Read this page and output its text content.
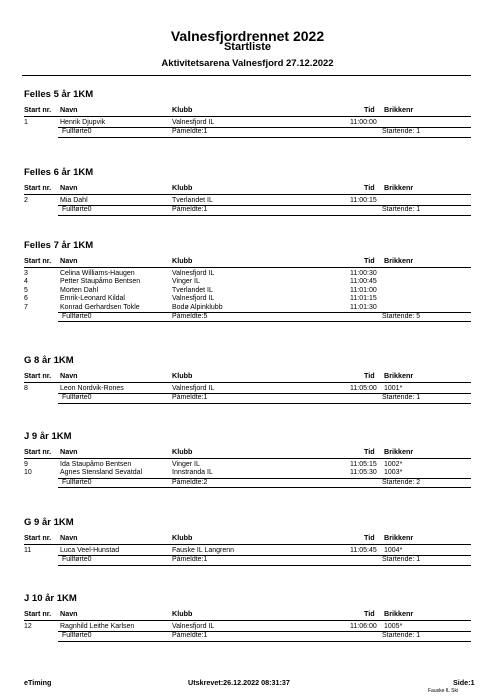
Valnesfjordrennet 2022
Startliste
Aktivitetsarena Valnesfjord 27.12.2022
Felles 5 år 1KM
Start nr. Navn	Klubb	Tid Brikkenr
1	Henrik Djupvik	Valnesfjord IL	11:00:00
Fullførte0	Påmeldte:1	Startende: 1
Felles 6 år 1KM
Start nr. Navn	Klubb	Tid Brikkenr
2	Mia Dahl	Tverlandet IL	11:00:15
Fullførte0	Påmeldte:1	Startende: 1
Felles 7 år 1KM
Start nr. Navn	Klubb	Tid Brikkenr
3	Celina Williams-Haugen	Valnesfjord IL	11:00:30
4	Petter Staupåmo Bentsen	Vinger IL	11:00:45
5	Morten Dahl	Tverlandet IL	11:01:00
6	Emrik-Leonard Kildal	Valnesfjord IL	11:01:15
7	Konrad Gerhardsen Tokle	Bodø Alpinklubb	11:01:30
Fullførte0	Påmeldte:5	Startende: 5
G 8 år 1KM
Start nr. Navn	Klubb	Tid Brikkenr
8	Leon Nordvik-Rones	Valnesfjord IL	11:05:00 1001*
Fullførte0	Påmeldte:1	Startende: 1
J 9 år 1KM
Start nr. Navn	Klubb	Tid Brikkenr
9	Ida Staupåmo Bentsen	Vinger IL	11:05:15 1002*
10	Agnes Stensland Sevatdal	Innstranda IL	11:05:30 1003*
Fullførte0	Påmeldte:2	Startende: 2
G 9 år 1KM
Start nr. Navn	Klubb	Tid Brikkenr
11	Luca Veel-Hunstad	Fauske IL Langrenn	11:05:45 1004*
Fullførte0	Påmeldte:1	Startende: 1
J 10 år 1KM
Start nr. Navn	Klubb	Tid Brikkenr
12	Ragnhild Leithe Karlsen	Valnesfjord IL	11:06:00 1005*
Fullførte0	Påmeldte:1	Startende: 1
eTiming	Utskrevet:26.12.2022 08:31:37	Side:1
Fauske IL Ski
